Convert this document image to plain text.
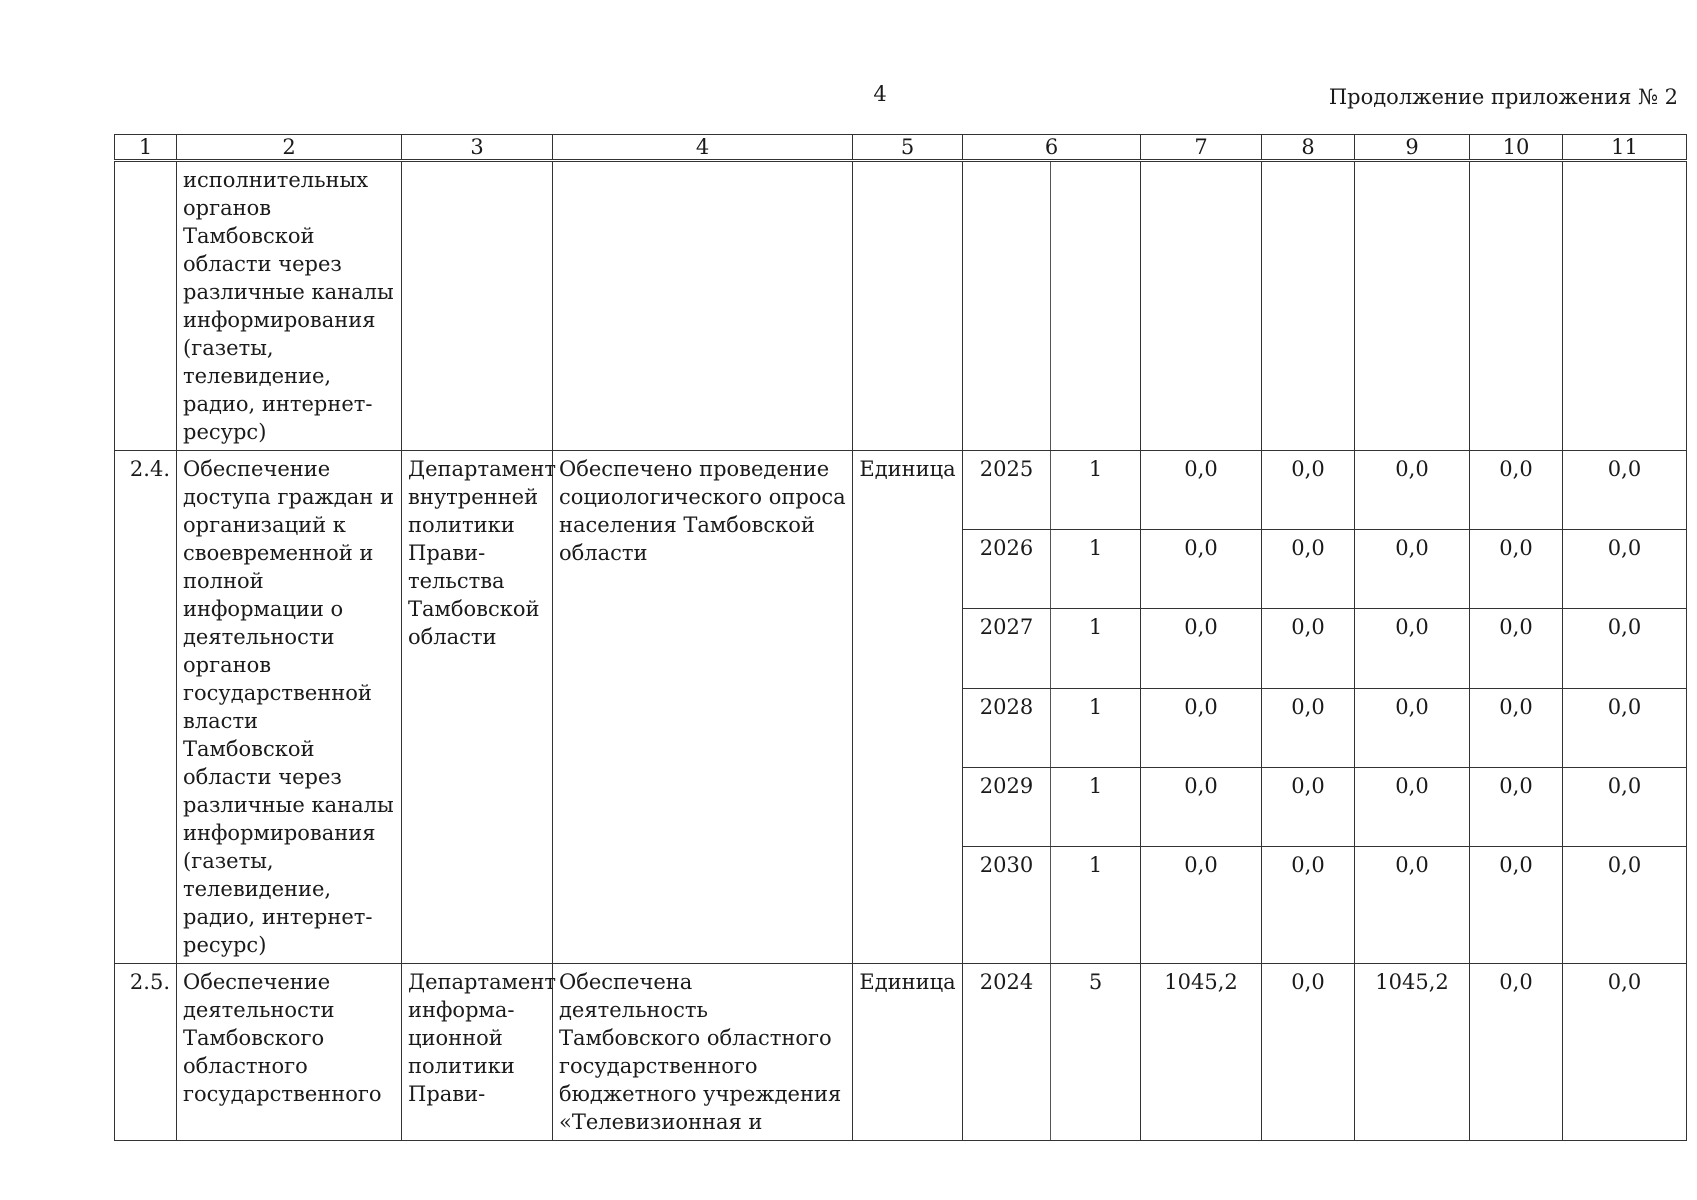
4	Продолжение приложения № 2
1	2	3	4	5	6		7	8	9	10	11
	исполнительных органов Тамбовской области через различные каналы информирования (газеты, телевидение, радио, интернет-ресурс)										
2.4.	Обеспечение доступа граждан и организаций к своевременной и полной информации о деятельности органов государственной власти Тамбовской области через различные каналы информирования (газеты, телевидение, радио, интернет-ресурс)	Департамент внутренней политики Прави-тельства Тамбовской области	Обеспечено проведение социологического опроса населения Тамбовской области	Единица	2025	1	0,0	0,0	0,0	0,0	0,0
					2026	1	0,0	0,0	0,0	0,0	0,0
					2027	1	0,0	0,0	0,0	0,0	0,0
					2028	1	0,0	0,0	0,0	0,0	0,0
					2029	1	0,0	0,0	0,0	0,0	0,0
					2030	1	0,0	0,0	0,0	0,0	0,0
2.5.	Обеспечение деятельности Тамбовского областного государственного	Департамент информа-ционной политики Прави-	Обеспечена деятельность Тамбовского областного государственного бюджетного учреждения «Телевизионная и	Единица	2024	5	1045,2	0,0	1045,2	0,0	0,0
